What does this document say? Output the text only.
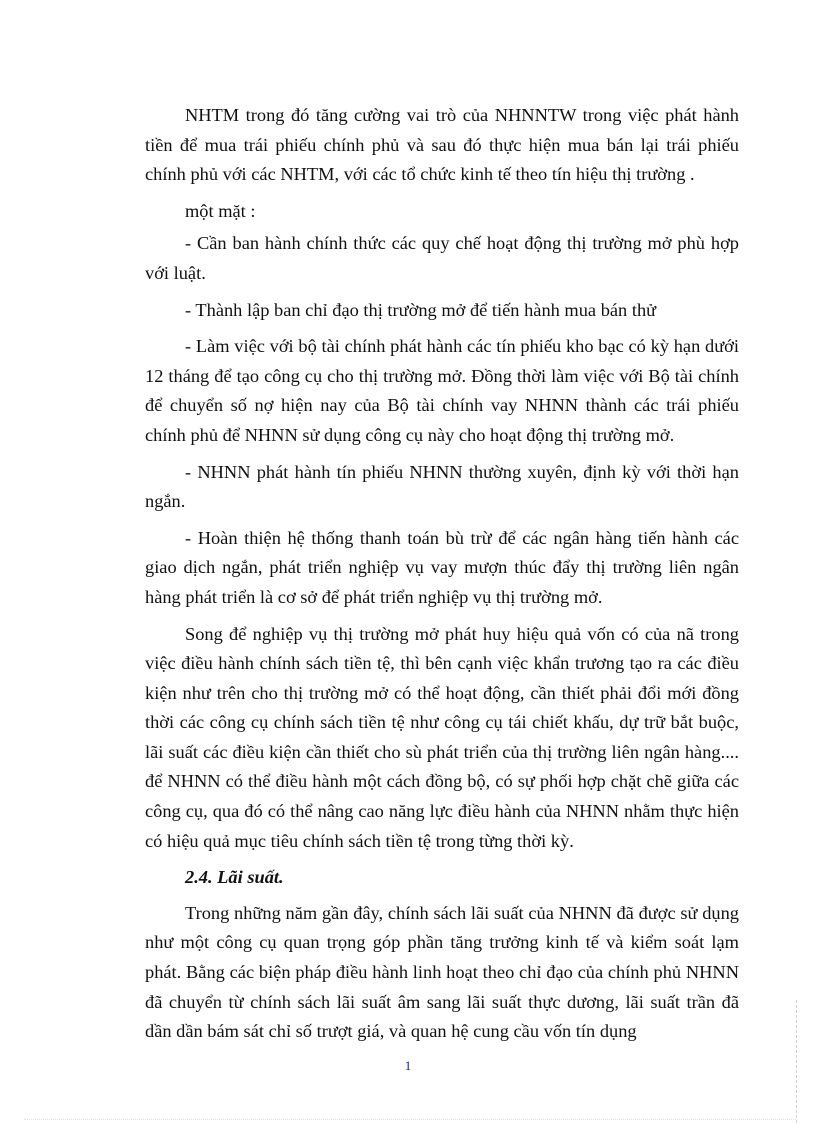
NHTM trong đó tăng cường vai trò của NHNNTW trong việc phát hành tiền để mua trái phiếu chính phủ và sau đó thực hiện mua bán lại trái phiếu chính phủ với các NHTM, với các tổ chức kinh tế theo tín hiệu thị trường .

một mặt :

- Cần ban hành chính thức các quy chế hoạt động thị trường mở phù hợp với luật.

- Thành lập ban chỉ đạo thị trường mở để tiến hành mua bán thử

- Làm việc với bộ tài chính phát hành các tín phiếu kho bạc có kỳ hạn dưới 12 tháng để tạo công cụ cho thị trường mở. Đồng thời làm việc với Bộ tài chính để chuyển số nợ hiện nay của Bộ tài chính vay NHNN thành các trái phiếu chính phủ để NHNN sử dụng công cụ này cho hoạt động thị trường mở.

- NHNN phát hành tín phiếu NHNN thường xuyên, định kỳ với thời hạn ngắn.

- Hoàn thiện hệ thống thanh toán bù trừ để các ngân hàng tiến hành các giao dịch ngắn, phát triển nghiệp vụ vay mượn thúc đẩy thị trường liên ngân hàng phát triển là cơ sở để phát triển nghiệp vụ thị trường mở.

Song để nghiệp vụ thị trường mở phát huy hiệu quả vốn có của nã trong việc điều hành chính sách tiền tệ, thì bên cạnh việc khẩn trương tạo ra các điều kiện như trên cho thị trường mở có thể hoạt động, cần thiết phải đổi mới đồng thời các công cụ chính sách tiền tệ như công cụ tái chiết khấu, dự trữ bắt buộc, lãi suất các điều kiện cần thiết cho sù phát triển của thị trường liên ngân hàng.... để NHNN có thể điều hành một cách đồng bộ, có sự phối hợp chặt chẽ giữa các công cụ, qua đó có thể nâng cao năng lực điều hành của NHNN nhằm thực hiện có hiệu quả mục tiêu chính sách tiền tệ trong từng thời kỳ.

2.4. Lãi suất.

Trong những năm gần đây, chính sách lãi suất của NHNN đã được sử dụng như một công cụ quan trọng góp phần tăng trưởng kinh tế và kiểm soát lạm phát. Bằng các biện pháp điều hành linh hoạt theo chỉ đạo của chính phủ NHNN đã chuyển từ chính sách lãi suất âm sang lãi suất thực dương, lãi suất trần đã dần dần bám sát chỉ số trượt giá, và quan hệ cung cầu vốn tín dụng

1
